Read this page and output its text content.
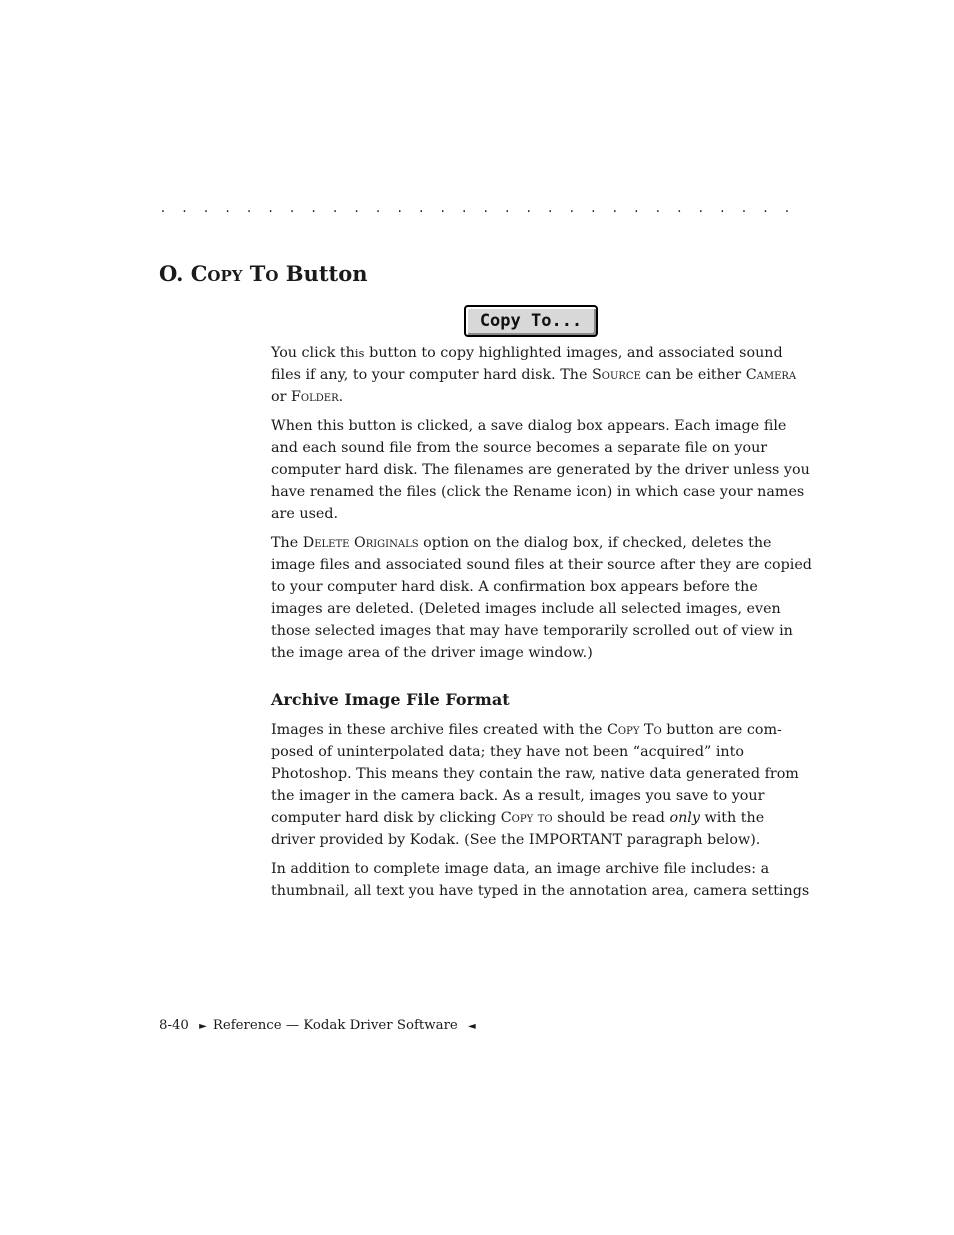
. . . . . . . . . . . . . . . . . . . . . . . . . . . . . .
O. Copy To Button
Copy To...

You click this button to copy highlighted images, and associated sound

files if any, to your computer hard disk. The Source can be either Camera

or Folder.

When this button is clicked, a save dialog box appears. Each image file

and each sound file from the source becomes a separate file on your

computer hard disk. The filenames are generated by the driver unless you

have renamed the files (click the Rename icon) in which case your names

are used.

The Delete Originals option on the dialog box, if checked, deletes the

image files and associated sound files at their source after they are copied

to your computer hard disk. A confirmation box appears before the

images are deleted. (Deleted images include all selected images, even

those selected images that may have temporarily scrolled out of view in

the image area of the driver image window.)

Archive Image File Format

Images in these archive files created with the Copy To button are com-

posed of uninterpolated data; they have not been “acquired” into

Photoshop. This means they contain the raw, native data generated from

the imager in the camera back. As a result, images you save to your

computer hard disk by clicking Copy to should be read only with the

driver provided by Kodak. (See the IMPORTANT paragraph below).

In addition to complete image data, an image archive file includes: a

thumbnail, all text you have typed in the annotation area, camera settings

8-40 ► Reference — Kodak Driver Software ◄
